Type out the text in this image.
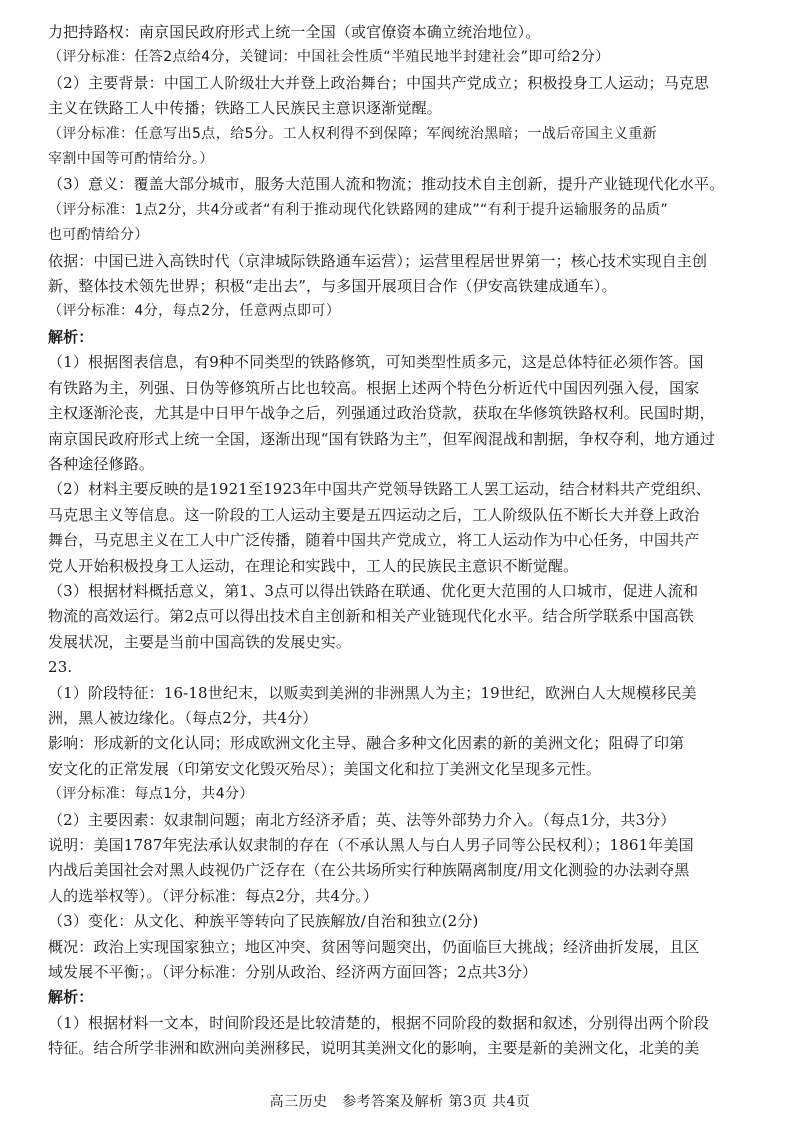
力把持路权：南京国民政府形式上统一全国（或官僚资本确立统治地位）。
（评分标准：任答2点给4分，关键词：中国社会性质“半殖民地半封建社会”即可给2分）
（2）主要背景：中国工人阶级壮大并登上政治舞台；中国共产党成立；积极投身工人运动；马克思
主义在铁路工人中传播；铁路工人民族民主意识逐渐觉醒。
（评分标准：任意写出5点，给5分。工人权利得不到保障；军阀统治黑暗；一战后帝国主义重新
宰割中国等可酌情给分。）
（3）意义：覆盖大部分城市，服务大范围人流和物流；推动技术自主创新，提升产业链现代化水平。
（评分标准：1点2分，共4分或者“有利于推动现代化铁路网的建成”“有利于提升运输服务的品质”
也可酌情给分）
依据：中国已进入高铁时代（京津城际铁路通车运营）；运营里程居世界第一；核心技术实现自主创
新、整体技术领先世界；积极“走出去”，与多国开展项目合作（伊安高铁建成通车）。
（评分标准：4分，每点2分，任意两点即可）
解析：
（1）根据图表信息，有9种不同类型的铁路修筑，可知类型性质多元，这是总体特征必须作答。国
有铁路为主，列强、日伪等修筑所占比也较高。根据上述两个特色分析近代中国因列强入侵，国家
主权逐渐沦丧，尤其是中日甲午战争之后，列强通过政治贷款，获取在华修筑铁路权利。民国时期，
南京国民政府形式上统一全国，逐渐出现“国有铁路为主”，但军阀混战和割据，争权夺利，地方通过
各种途径修路。
（2）材料主要反映的是1921至1923年中国共产党领导铁路工人罢工运动，结合材料共产党组织、
马克思主义等信息。这一阶段的工人运动主要是五四运动之后，工人阶级队伍不断长大并登上政治
舞台，马克思主义在工人中广泛传播，随着中国共产党成立，将工人运动作为中心任务，中国共产
党人开始积极投身工人运动，在理论和实践中，工人的民族民主意识不断觉醒。
（3）根据材料概括意义，第1、3点可以得出铁路在联通、优化更大范围的人口城市，促进人流和
物流的高效运行。第2点可以得出技术自主创新和相关产业链现代化水平。结合所学联系中国高铁
发展状况，主要是当前中国高铁的发展史实。
23.
（1）阶段特征：16-18世纪末，以贩卖到美洲的非洲黑人为主；19世纪，欧洲白人大规模移民美
洲，黑人被边缘化。（每点2分，共4分）
影响：形成新的文化认同；形成欧洲文化主导、融合多种文化因素的新的美洲文化；阻碍了印第
安文化的正常发展（印第安文化毁灭殆尽）；美国文化和拉丁美洲文化呈现多元性。
（评分标准：每点1分，共4分）
（2）主要因素：奴隶制问题；南北方经济矛盾；英、法等外部势力介入。（每点1分，共3分）
说明：美国1787年宪法承认奴隶制的存在（不承认黑人与白人男子同等公民权利）；1861年美国
内战后美国社会对黑人歧视仍广泛存在（在公共场所实行种族隔离制度/用文化测验的办法剥夺黑
人的选举权等）。（评分标准：每点2分，共4分。）
（3）变化：从文化、种族平等转向了民族解放/自治和独立(2分)
概况：政治上实现国家独立；地区冲突、贫困等问题突出，仍面临巨大挑战；经济曲折发展，且区
域发展不平衡；。（评分标准：分别从政治、经济两方面回答；2点共3分）
解析：
（1）根据材料一文本，时间阶段还是比较清楚的，根据不同阶段的数据和叙述，分别得出两个阶段
特征。结合所学非洲和欧洲向美洲移民，说明其美洲文化的影响，主要是新的美洲文化，北美的美
高三历史　参考答案及解析 第3页 共4页
